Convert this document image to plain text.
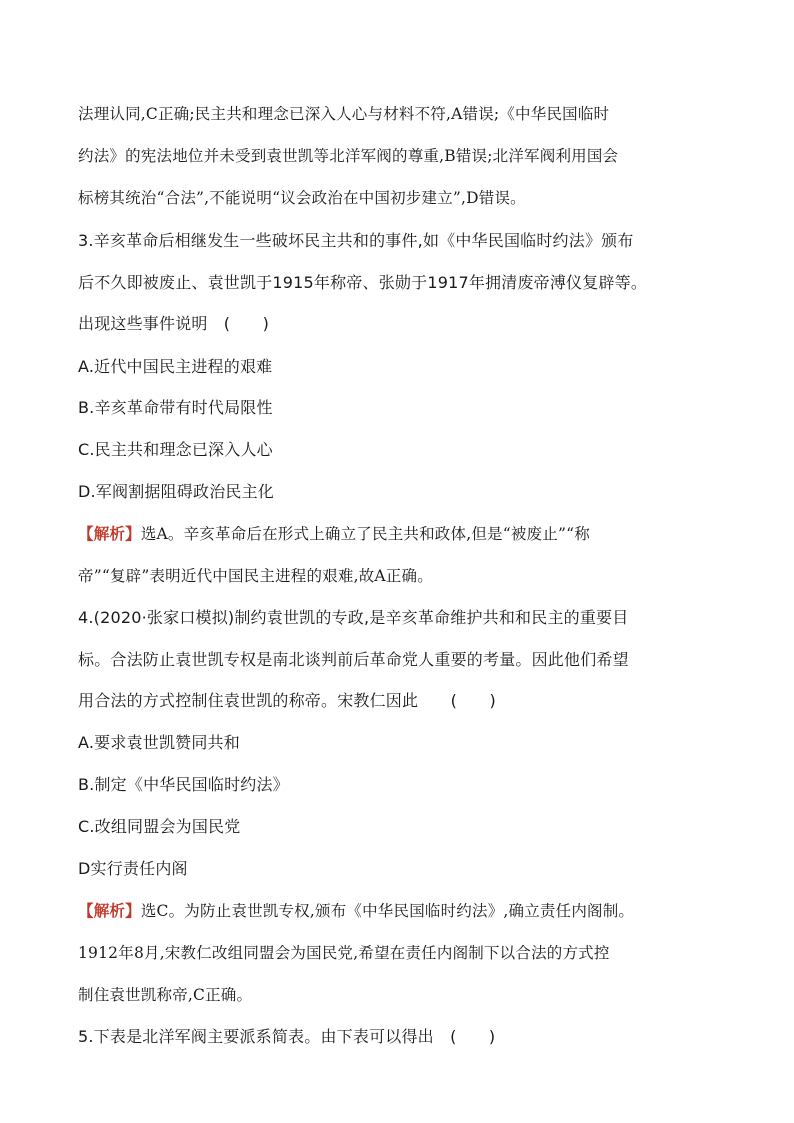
法理认同,C正确;民主共和理念已深入人心与材料不符,A错误;《中华民国临时
约法》的宪法地位并未受到袁世凯等北洋军阀的尊重,B错误;北洋军阀利用国会
标榜其统治“合法”,不能说明“议会政治在中国初步建立”,D错误。
3.辛亥革命后相继发生一些破坏民主共和的事件,如《中华民国临时约法》颁布
后不久即被废止、袁世凯于1915年称帝、张勋于1917年拥清废帝溥仪复辟等。
出现这些事件说明　(　　)
A.近代中国民主进程的艰难
B.辛亥革命带有时代局限性
C.民主共和理念已深入人心
D.军阀割据阻碍政治民主化
【解析】选A。辛亥革命后在形式上确立了民主共和政体,但是“被废止”“称
帝”“复辟”表明近代中国民主进程的艰难,故A正确。
4.(2020·张家口模拟)制约袁世凯的专政,是辛亥革命维护共和和民主的重要目
标。合法防止袁世凯专权是南北谈判前后革命党人重要的考量。因此他们希望
用合法的方式控制住袁世凯的称帝。宋教仁因此　　(　　)
A.要求袁世凯赞同共和
B.制定《中华民国临时约法》
C.改组同盟会为国民党
D实行责任内阁
【解析】选C。为防止袁世凯专权,颁布《中华民国临时约法》,确立责任内阁制。
1912年8月,宋教仁改组同盟会为国民党,希望在责任内阁制下以合法的方式控
制住袁世凯称帝,C正确。
5.下表是北洋军阀主要派系简表。由下表可以得出　(　　)
